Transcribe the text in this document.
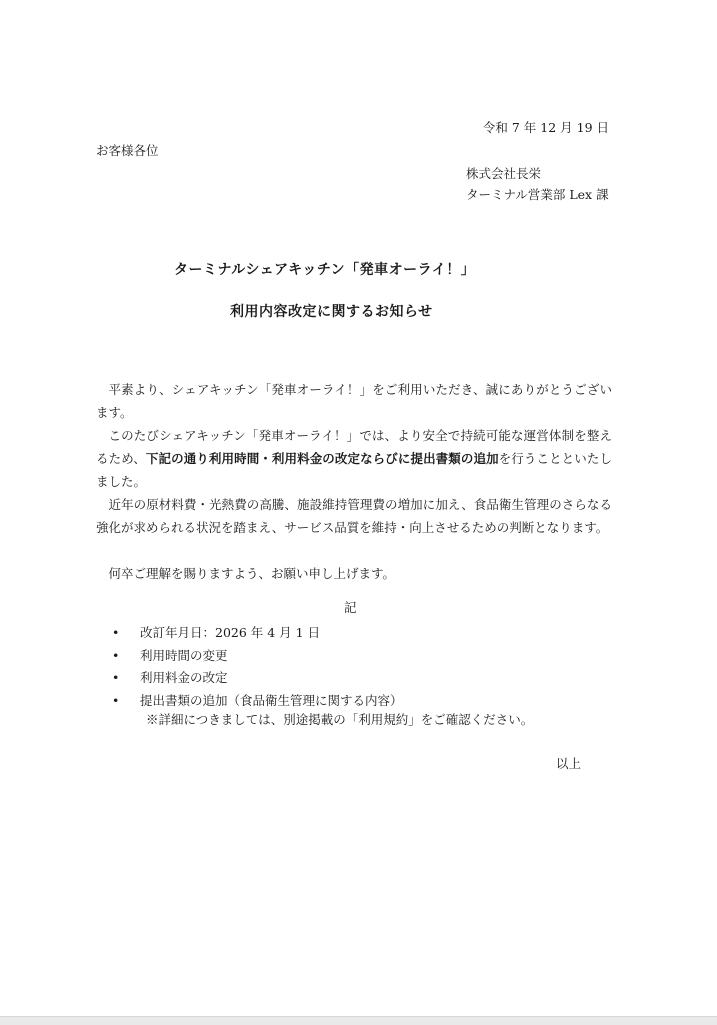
令和 7 年 12 月 19 日
お客様各位
株式会社長栄
ターミナル営業部 Lex 課
ターミナルシェアキッチン「発車オーライ！」
利用内容改定に関するお知らせ
平素より、シェアキッチン「発車オーライ！」をご利用いただき、誠にありがとうございます。
このたびシェアキッチン「発車オーライ！」では、より安全で持続可能な運営体制を整えるため、下記の通り利用時間・利用料金の改定ならびに提出書類の追加を行うことといたしました。
近年の原材料費・光熱費の高騰、施設維持管理費の増加に加え、食品衛生管理のさらなる強化が求められる状況を踏まえ、サービス品質を維持・向上させるための判断となります。
何卒ご理解を賜りますよう、お願い申し上げます。
記
• 改訂年月日：2026 年 4 月 1 日
• 利用時間の変更
• 利用料金の改定
• 提出書類の追加（食品衛生管理に関する内容）
※詳細につきましては、別途掲載の「利用規約」をご確認ください。
以上
